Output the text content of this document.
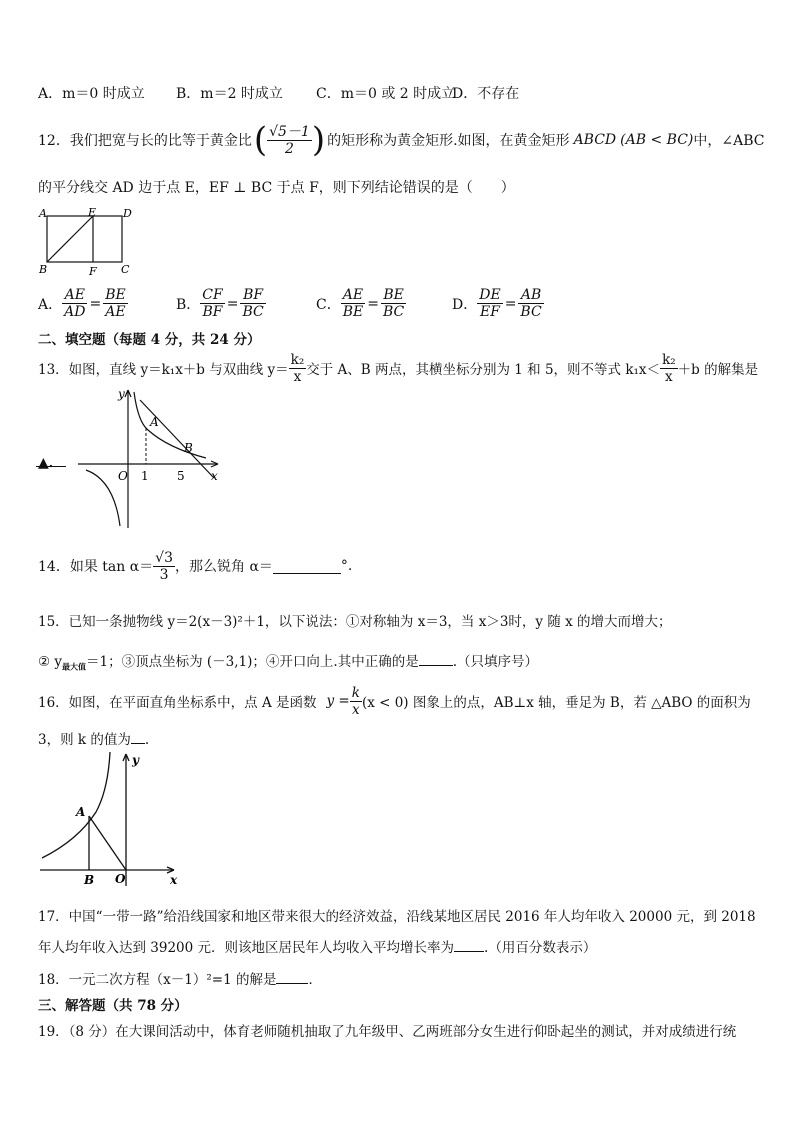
A．m＝0 时成立 B．m＝2 时成立 C．m＝0 或 2 时成立
D．不存在
12． 我们把宽与长的比等于黄金比 ( $\frac{√5-1}{2}$ ) 的矩形称为黄金矩形.如图，在黄金矩形 ABCD (AB < BC) 中，∠ABC
的平分线交 AD 边于点 E，EF ⊥ BC 于点 F，则下列结论错误的是（　　）
A	E D
B	F C
A． $\frac{AE}{AD} = \frac{BE}{AE}$	B． $\frac{CF}{BF} = \frac{BF}{BC}$	C． $\frac{AE}{BE} = \frac{BE}{BC}$	D． $\frac{DE}{EF} = \frac{AB}{BC}$
二、填空题（每题 4 分，共 24 分）
13．如图，直线 y＝k₁x＋b 与双曲线 $y= \frac{\text{k₂}}{x}$ 交于 A、B 两点，其横坐标分别为 1 和 5，则不等式 $k_1x< \frac{\text{k₂}}{x} +b$ 的解集是
▲．
y
A
B
O 1 5 x
14．如果 $\tan \alpha= \frac{√3}{3}$ ，那么锐角 α＝	°.
15．已知一条抛物线 y＝2(x－3)²＋1，以下说法：①对称轴为 x＝3，当 x＞3时，y 随 x 的增大而增大；
② $y_{最大值}=1$；③顶点坐标为 (－3,1)；④开口向上.其中正确的是	.（只填序号）
16．如图，在平面直角坐标系中，点 A 是函数 $y = \frac{k}{x} (x < 0)$ 图象上的点，AB⊥x 轴，垂足为 B，若 △ABO 的面积为
3，则 k 的值为 .
y
A
B O	x
17．中国“一带一路”给沿线国家和地区带来很大的经济效益，沿线某地区居民 2016 年人均年收入 20000 元，到 2018
年人均年收入达到 39200 元．则该地区居民年人均收入平均增长率为 .（用百分数表示）
18．一元二次方程（x－1）²=1 的解是 ．
三、解答题（共 78 分）
19．（8 分）在大课间活动中，体育老师随机抽取了九年级甲、乙两班部分女生进行仰卧起坐的测试，并对成绩进行统
